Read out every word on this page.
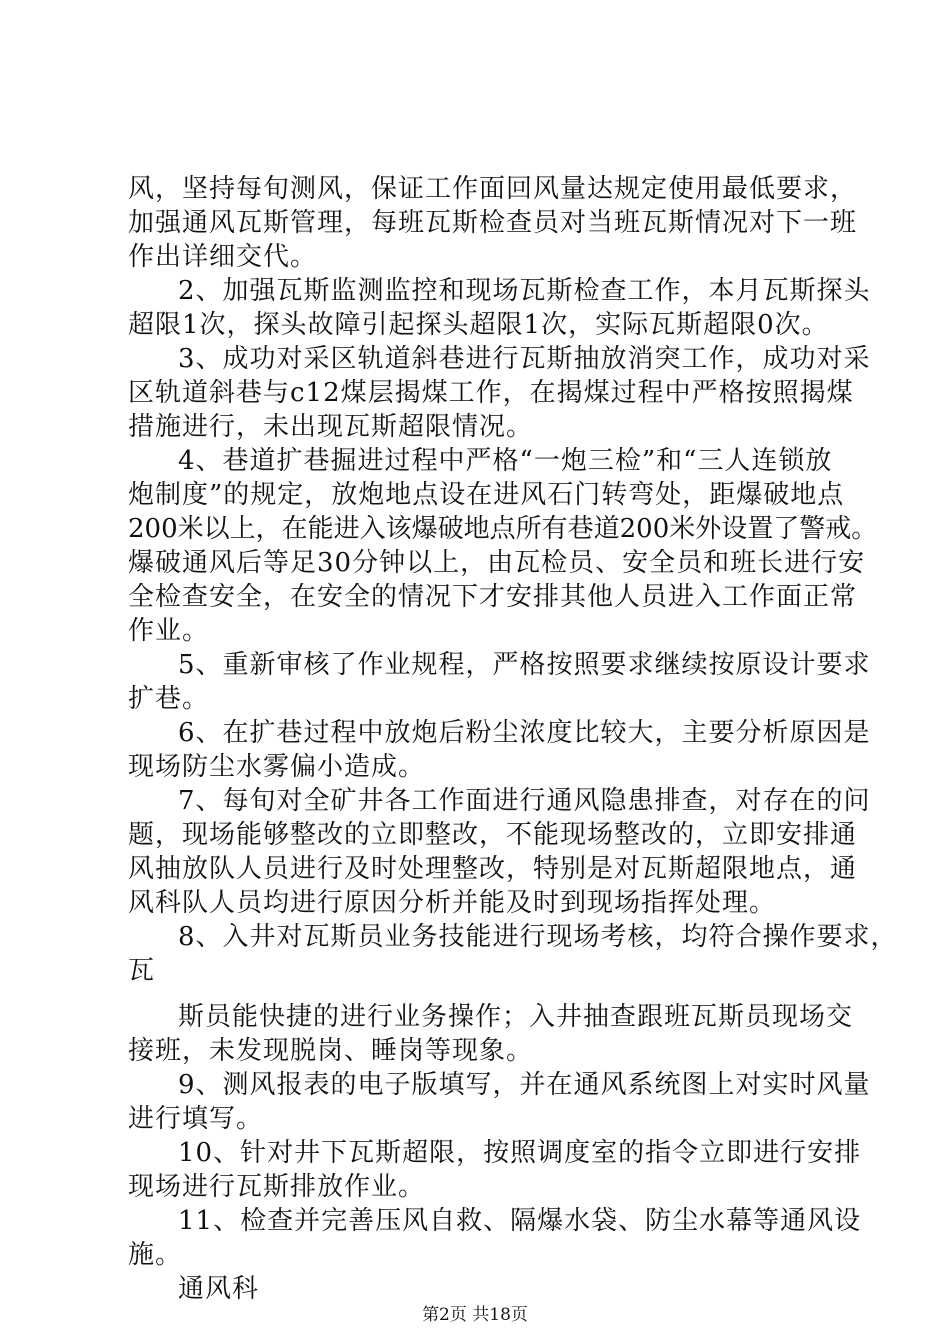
风，坚持每旬测风，保证工作面回风量达规定使用最低要求，
加强通风瓦斯管理，每班瓦斯检查员对当班瓦斯情况对下一班
作出详细交代。
2、加强瓦斯监测监控和现场瓦斯检查工作，本月瓦斯探头
超限1次，探头故障引起探头超限1次，实际瓦斯超限0次。
3、成功对采区轨道斜巷进行瓦斯抽放消突工作，成功对采
区轨道斜巷与c12煤层揭煤工作，在揭煤过程中严格按照揭煤
措施进行，未出现瓦斯超限情况。
4、巷道扩巷掘进过程中严格“一炮三检”和“三人连锁放
炮制度”的规定，放炮地点设在进风石门转弯处，距爆破地点
200米以上，在能进入该爆破地点所有巷道200米外设置了警戒。
爆破通风后等足30分钟以上，由瓦检员、安全员和班长进行安
全检查安全，在安全的情况下才安排其他人员进入工作面正常
作业。
5、重新审核了作业规程，严格按照要求继续按原设计要求
扩巷。
6、在扩巷过程中放炮后粉尘浓度比较大，主要分析原因是
现场防尘水雾偏小造成。
7、每旬对全矿井各工作面进行通风隐患排查，对存在的问
题，现场能够整改的立即整改，不能现场整改的，立即安排通
风抽放队人员进行及时处理整改，特别是对瓦斯超限地点，通
风科队人员均进行原因分析并能及时到现场指挥处理。
8、入井对瓦斯员业务技能进行现场考核，均符合操作要求，
瓦
斯员能快捷的进行业务操作；入井抽查跟班瓦斯员现场交
接班，未发现脱岗、睡岗等现象。
9、测风报表的电子版填写，并在通风系统图上对实时风量
进行填写。
10、针对井下瓦斯超限，按照调度室的指令立即进行安排
现场进行瓦斯排放作业。
11、检查并完善压风自救、隔爆水袋、防尘水幕等通风设
施。
通风科
第2页 共18页
